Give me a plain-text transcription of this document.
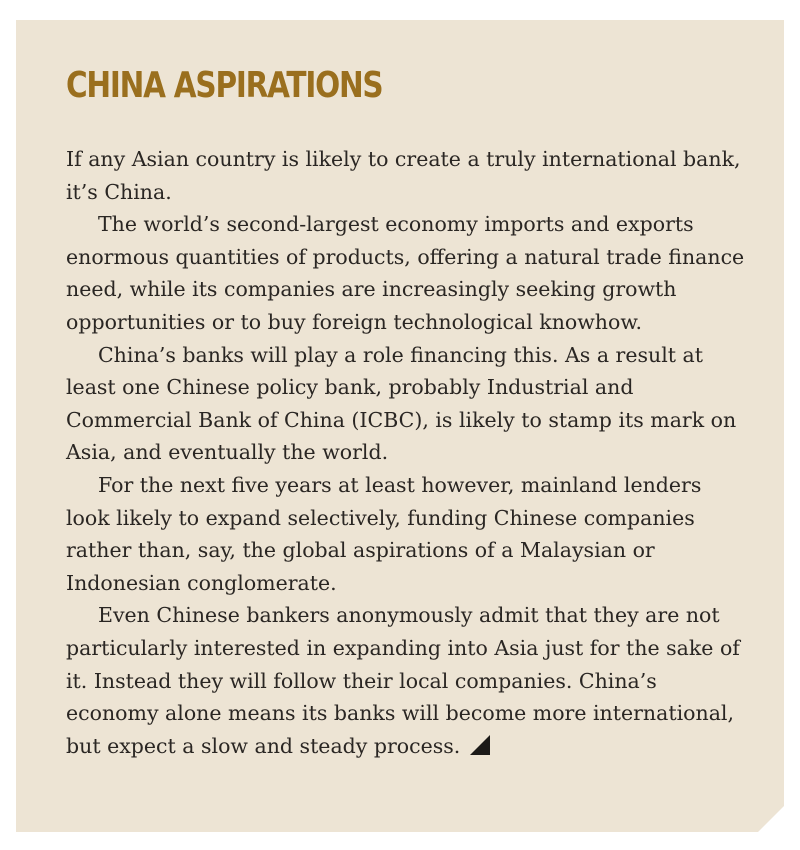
CHINA ASPIRATIONS

If any Asian country is likely to create a truly international bank, it’s China.

The world’s second-largest economy imports and exports enormous quantities of products, offering a natural trade finance need, while its companies are increasingly seeking growth opportunities or to buy foreign technological knowhow.

China’s banks will play a role financing this. As a result at least one Chinese policy bank, probably Industrial and Commercial Bank of China (ICBC), is likely to stamp its mark on Asia, and eventually the world.

For the next five years at least however, mainland lenders look likely to expand selectively, funding Chinese companies rather than, say, the global aspirations of a Malaysian or Indonesian conglomerate.

Even Chinese bankers anonymously admit that they are not particularly interested in expanding into Asia just for the sake of it. Instead they will follow their local companies. China’s economy alone means its banks will become more international, but expect a slow and steady process.
